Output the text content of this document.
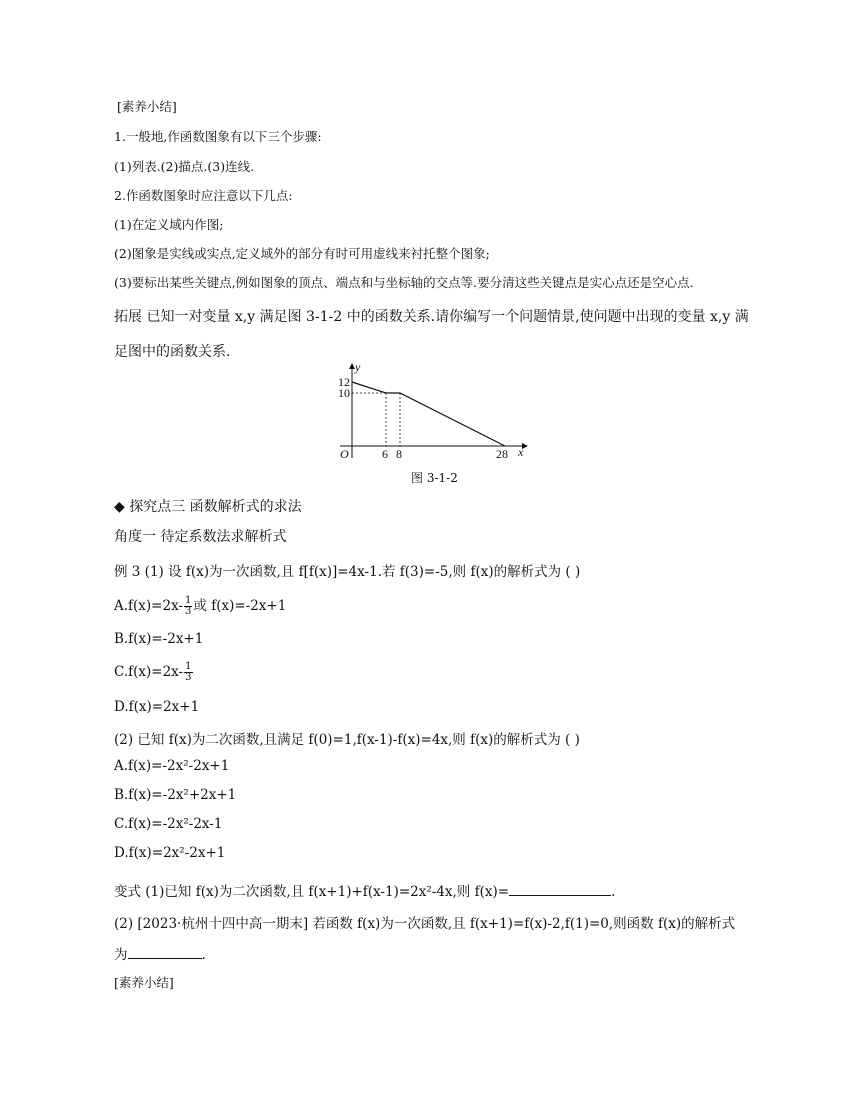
[素养小结]
1.一般地,作函数图象有以下三个步骤:
(1)列表.(2)描点.(3)连线.
2.作函数图象时应注意以下几点:
(1)在定义域内作图;
(2)图象是实线或实点,定义域外的部分有时可用虚线来衬托整个图象;
(3)要标出某些关键点,例如图象的顶点、端点和与坐标轴的交点等.要分清这些关键点是实心点还是空心点.
拓展 已知一对变量 x,y 满足图 3-1-2 中的函数关系.请你编写一个问题情景,使问题中出现的变量 x,y 满
足图中的函数关系.
y
x
O
12
10
6 8	28
图 3-1-2
◆ 探究点三 函数解析式的求法
角度一 待定系数法求解析式
例 3 (1) 设 f(x)为一次函数,且 f[f(x)]=4x-1.若 f(3)=-5,则 f(x)的解析式为 ( )
$A.f(x)=2x- \frac{1}{3}$ 或 f(x)=-2x+1
B.f(x)=-2x+1
$C.f(x)=2x- \frac{1}{3}$
D.f(x)=2x+1
(2) 已知 f(x)为二次函数,且满足 f(0)=1,f(x-1)-f(x)=4x,则 f(x)的解析式为 ( )
A.f(x)=-2x²-2x+1
B.f(x)=-2x²+2x+1
C.f(x)=-2x²-2x-1
D.f(x)=2x²-2x+1
变式 (1)已知 f(x)为二次函数,且 f(x+1)+f(x-1)=2x²-4x,则 f(x)=	.
(2) [2023·杭州十四中高一期末] 若函数 f(x)为一次函数,且 f(x+1)=f(x)-2,f(1)=0,则函数 f(x)的解析式
为	.
[素养小结]
